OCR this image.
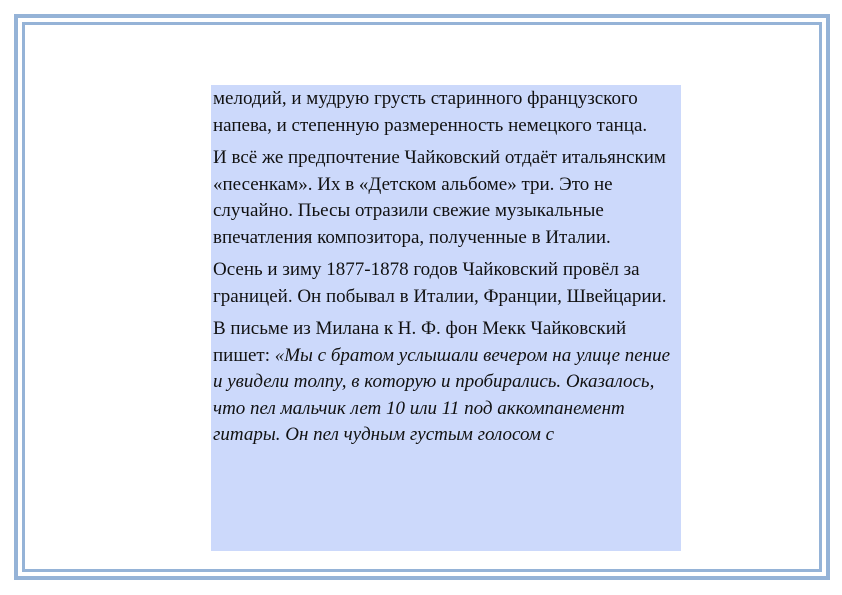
мелодий, и мудрую грусть старинного французского напева, и степенную размеренность немецкого танца.

И всё же предпочтение Чайковский отдаёт итальянским «песенкам». Их в «Детском альбоме» три. Это не случайно. Пьесы отразили свежие музыкальные впечатления композитора, полученные в Италии.

Осень и зиму 1877-1878 годов Чайковский провёл за границей. Он побывал в Италии, Франции, Швейцарии.

В письме из Милана к Н. Ф. фон Мекк Чайковский пишет: «Мы с братом услышали вечером на улице пение и увидели толпу, в которую и пробирались. Оказалось, что пел мальчик лет 10 или 11 под аккомпанемент гитары. Он пел чудным густым голосом с
